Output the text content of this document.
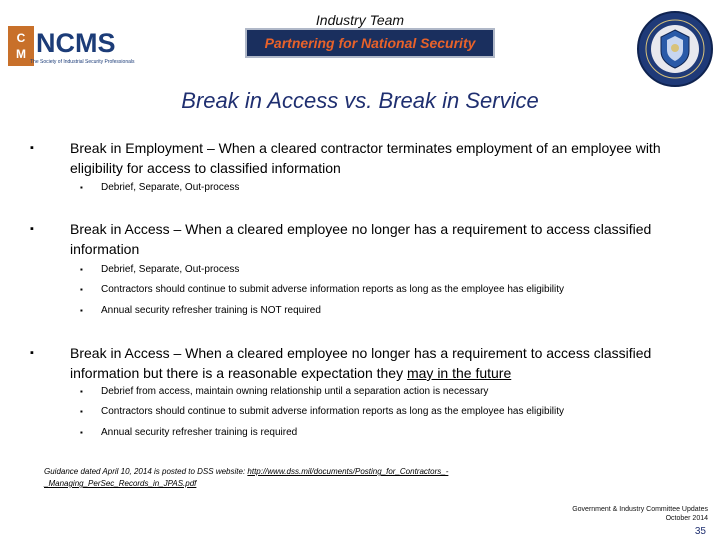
Industry Team
C
M NCMS
The Society of Industrial Security Professionals
Partnering for National Security
Break in Access vs. Break in Service
▪	Break in Employment – When a cleared contractor terminates employment of an employee with eligibility for access to classified information
▪ Debrief, Separate, Out-process
▪	Break in Access – When a cleared employee no longer has a requirement to access classified information
▪ Debrief, Separate, Out-process
▪ Contractors should continue to submit adverse information reports as long as the employee has eligibility
▪ Annual security refresher training is NOT required
▪	Break in Access – When a cleared employee no longer has a requirement to access classified information but there is a reasonable expectation they may in the future
▪ Debrief from access, maintain owning relationship until a separation action is necessary
▪ Contractors should continue to submit adverse information reports as long as the employee has eligibility
▪ Annual security refresher training is required
Guidance dated April 10, 2014 is posted to DSS website: http://www.dss.mil/documents/Posting_for_Contractors_-_Managing_PerSec_Records_in_JPAS.pdf
Government & Industry Committee Updates
October 2014
35
